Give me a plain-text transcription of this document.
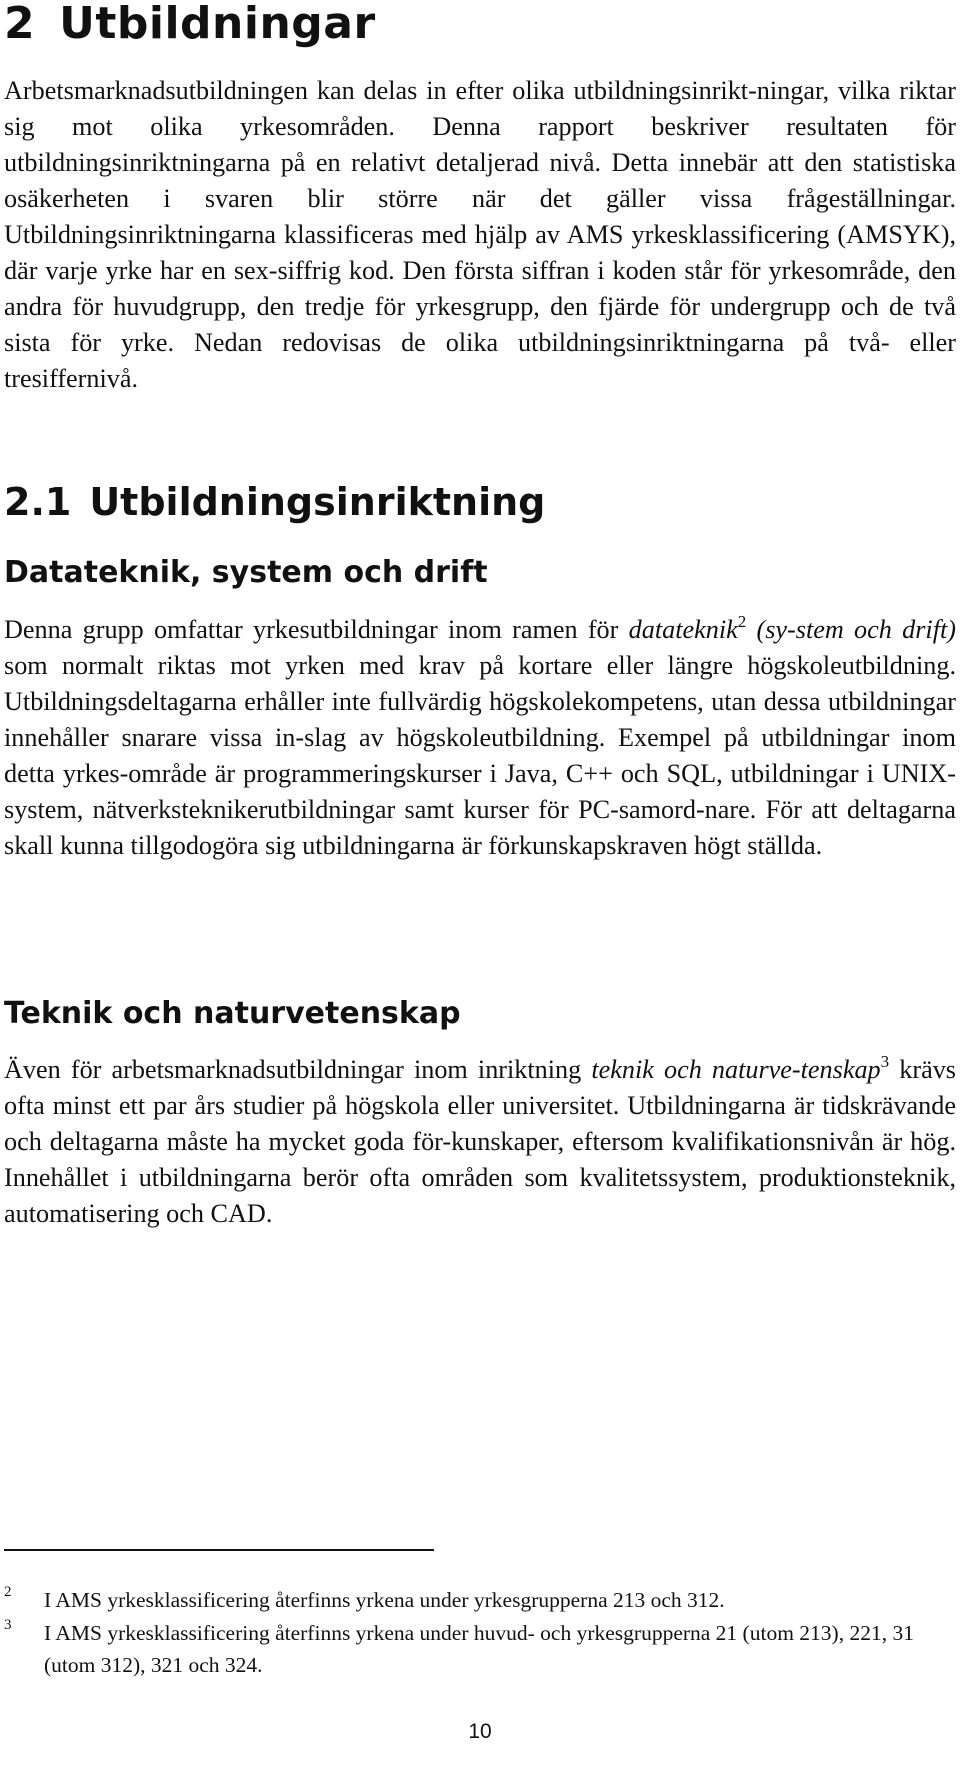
2 Utbildningar

Arbetsmarknadsutbildningen kan delas in efter olika utbildningsinrikt-ningar, vilka riktar sig mot olika yrkesområden. Denna rapport beskriver resultaten för utbildningsinriktningarna på en relativt detaljerad nivå. Detta innebär att den statistiska osäkerheten i svaren blir större när det gäller vissa frågeställningar. Utbildningsinriktningarna klassificeras med hjälp av AMS yrkesklassificering (AMSYK), där varje yrke har en sex-siffrig kod. Den första siffran i koden står för yrkesområde, den andra för huvudgrupp, den tredje för yrkesgrupp, den fjärde för undergrupp och de två sista för yrke. Nedan redovisas de olika utbildningsinriktningarna på två- eller tresiffernivå.

2.1 Utbildningsinriktning
Datateknik, system och drift

Denna grupp omfattar yrkesutbildningar inom ramen för datateknik$^2$ (sy-stem och drift) som normalt riktas mot yrken med krav på kortare eller längre högskoleutbildning. Utbildningsdeltagarna erhåller inte fullvärdig högskolekompetens, utan dessa utbildningar innehåller snarare vissa in-slag av högskoleutbildning. Exempel på utbildningar inom detta yrkes-område är programmeringskurser i Java, C++ och SQL, utbildningar i UNIX-system, nätverksteknikerutbildningar samt kurser för PC-samord-nare. För att deltagarna skall kunna tillgodogöra sig utbildningarna är förkunskapskraven högt ställda.

Teknik och naturvetenskap

Även för arbetsmarknadsutbildningar inom inriktning teknik och naturve-tenskap$^3$ krävs ofta minst ett par års studier på högskola eller universitet. Utbildningarna är tidskrävande och deltagarna måste ha mycket goda för-kunskaper, eftersom kvalifikationsnivån är hög. Innehållet i utbildningarna berör ofta områden som kvalitetssystem, produktionsteknik, automatisering och CAD.

2 I AMS yrkesklassificering återfinns yrkena under yrkesgrupperna 213 och 312.
3 I AMS yrkesklassificering återfinns yrkena under huvud- och yrkesgrupperna 21 (utom 213), 221, 31 (utom 312), 321 och 324.
10
